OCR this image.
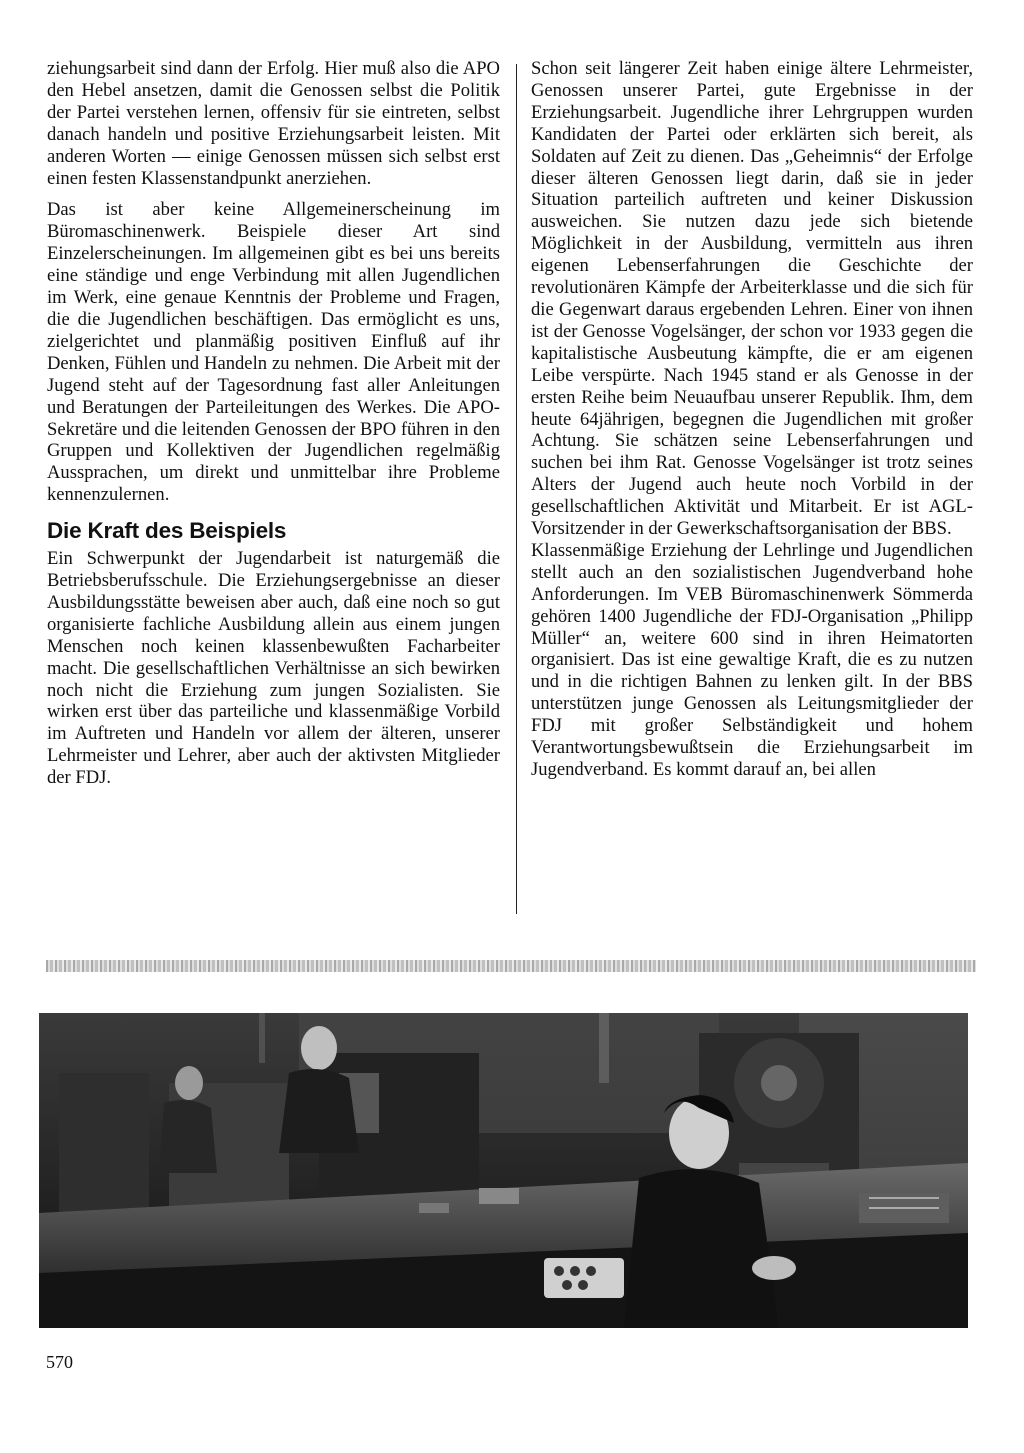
ziehungsarbeit sind dann der Erfolg. Hier muß also die APO den Hebel ansetzen, damit die Genossen selbst die Politik der Partei verstehen lernen, offensiv für sie eintreten, selbst danach handeln und positive Erziehungsarbeit leisten. Mit anderen Worten — einige Genossen müssen sich selbst erst einen festen Klassenstandpunkt anerziehen.

Das ist aber keine Allgemeinerscheinung im Büromaschinenwerk. Beispiele dieser Art sind Einzelerscheinungen. Im allgemeinen gibt es bei uns bereits eine ständige und enge Verbindung mit allen Jugendlichen im Werk, eine genaue Kenntnis der Probleme und Fragen, die die Jugendlichen beschäftigen. Das ermöglicht es uns, zielgerichtet und planmäßig positiven Einfluß auf ihr Denken, Fühlen und Handeln zu nehmen. Die Arbeit mit der Jugend steht auf der Tagesordnung fast aller Anleitungen und Beratungen der Parteileitungen des Werkes. Die APO-Sekretäre und die leitenden Genossen der BPO führen in den Gruppen und Kollektiven der Jugendlichen regelmäßig Aussprachen, um direkt und unmittelbar ihre Probleme kennenzulernen.

Die Kraft des Beispiels

Ein Schwerpunkt der Jugendarbeit ist naturgemäß die Betriebsberufsschule. Die Erziehungsergebnisse an dieser Ausbildungsstätte beweisen aber auch, daß eine noch so gut organisierte fachliche Ausbildung allein aus einem jungen Menschen noch keinen klassenbewußten Facharbeiter macht. Die gesellschaftlichen Verhältnisse an sich bewirken noch nicht die Erziehung zum jungen Sozialisten. Sie wirken erst über das parteiliche und klassenmäßige Vorbild im Auftreten und Handeln vor allem der älteren, unserer Lehrmeister und Lehrer, aber auch der aktivsten Mitglieder der FDJ.

Schon seit längerer Zeit haben einige ältere Lehrmeister, Genossen unserer Partei, gute Ergebnisse in der Erziehungsarbeit. Jugendliche ihrer Lehrgruppen wurden Kandidaten der Partei oder erklärten sich bereit, als Soldaten auf Zeit zu dienen. Das „Geheimnis“ der Erfolge dieser älteren Genossen liegt darin, daß sie in jeder Situation parteilich auftreten und keiner Diskussion ausweichen. Sie nutzen dazu jede sich bietende Möglichkeit in der Ausbildung, vermitteln aus ihren eigenen Lebenserfahrungen die Geschichte der revolutionären Kämpfe der Arbeiterklasse und die sich für die Gegenwart daraus ergebenden Lehren. Einer von ihnen ist der Genosse Vogelsänger, der schon vor 1933 gegen die kapitalistische Ausbeutung kämpfte, die er am eigenen Leibe verspürte. Nach 1945 stand er als Genosse in der ersten Reihe beim Neuaufbau unserer Republik. Ihm, dem heute 64jährigen, begegnen die Jugendlichen mit großer Achtung. Sie schätzen seine Lebenserfahrungen und suchen bei ihm Rat. Genosse Vogelsänger ist trotz seines Alters der Jugend auch heute noch Vorbild in der gesellschaftlichen Aktivität und Mitarbeit. Er ist AGL-Vorsitzender in der Gewerkschaftsorganisation der BBS.

Klassenmäßige Erziehung der Lehrlinge und Jugendlichen stellt auch an den sozialistischen Jugendverband hohe Anforderungen. Im VEB Büromaschinenwerk Sömmerda gehören 1400 Jugendliche der FDJ-Organisation „Philipp Müller“ an, weitere 600 sind in ihren Heimatorten organisiert. Das ist eine gewaltige Kraft, die es zu nutzen und in die richtigen Bahnen zu lenken gilt. In der BBS unterstützen junge Genossen als Leitungsmitglieder der FDJ mit großer Selbständigkeit und hohem Verantwortungsbewußtsein die Erziehungsarbeit im Jugendverband. Es kommt darauf an, bei allen

570
